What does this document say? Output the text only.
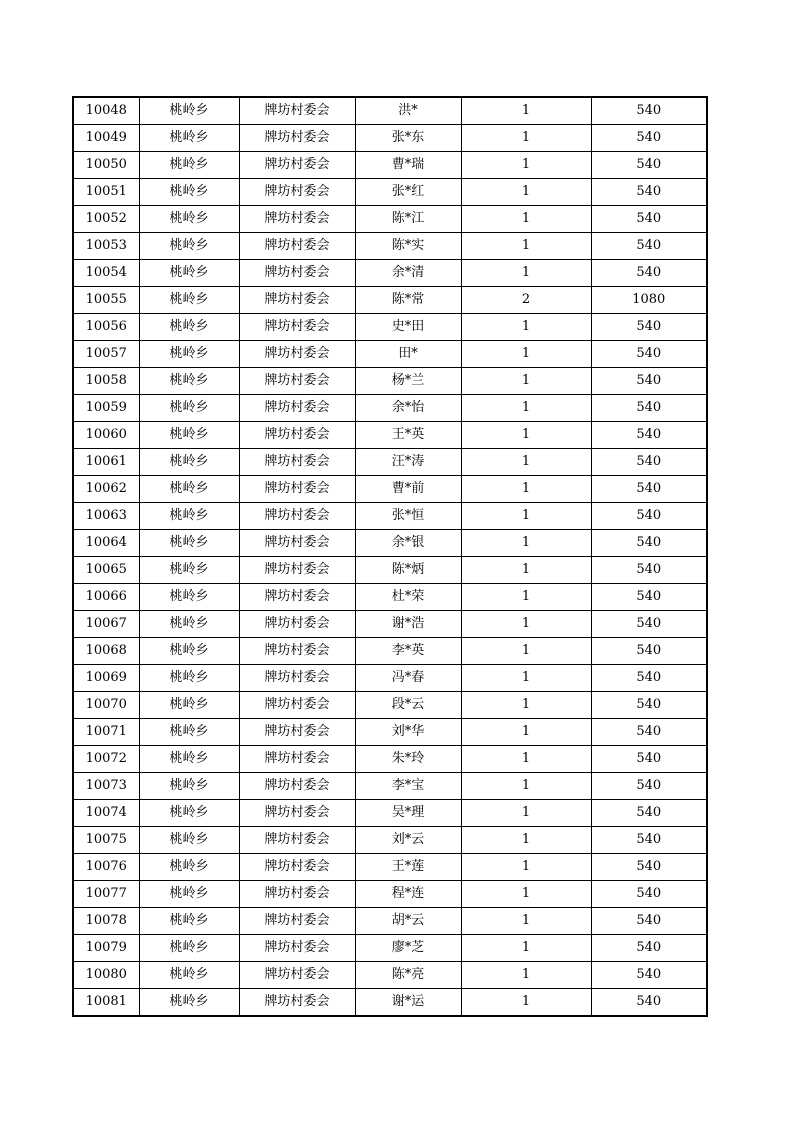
10048	桃岭乡	牌坊村委会	洪*	1	540
10049	桃岭乡	牌坊村委会	张*东	1	540
10050	桃岭乡	牌坊村委会	曹*瑞	1	540
10051	桃岭乡	牌坊村委会	张*红	1	540
10052	桃岭乡	牌坊村委会	陈*江	1	540
10053	桃岭乡	牌坊村委会	陈*实	1	540
10054	桃岭乡	牌坊村委会	余*清	1	540
10055	桃岭乡	牌坊村委会	陈*常	2	1080
10056	桃岭乡	牌坊村委会	史*田	1	540
10057	桃岭乡	牌坊村委会	田*	1	540
10058	桃岭乡	牌坊村委会	杨*兰	1	540
10059	桃岭乡	牌坊村委会	余*怡	1	540
10060	桃岭乡	牌坊村委会	王*英	1	540
10061	桃岭乡	牌坊村委会	汪*涛	1	540
10062	桃岭乡	牌坊村委会	曹*前	1	540
10063	桃岭乡	牌坊村委会	张*恒	1	540
10064	桃岭乡	牌坊村委会	余*银	1	540
10065	桃岭乡	牌坊村委会	陈*炳	1	540
10066	桃岭乡	牌坊村委会	杜*荣	1	540
10067	桃岭乡	牌坊村委会	谢*浩	1	540
10068	桃岭乡	牌坊村委会	李*英	1	540
10069	桃岭乡	牌坊村委会	冯*春	1	540
10070	桃岭乡	牌坊村委会	段*云	1	540
10071	桃岭乡	牌坊村委会	刘*华	1	540
10072	桃岭乡	牌坊村委会	朱*玲	1	540
10073	桃岭乡	牌坊村委会	李*宝	1	540
10074	桃岭乡	牌坊村委会	吴*理	1	540
10075	桃岭乡	牌坊村委会	刘*云	1	540
10076	桃岭乡	牌坊村委会	王*莲	1	540
10077	桃岭乡	牌坊村委会	程*连	1	540
10078	桃岭乡	牌坊村委会	胡*云	1	540
10079	桃岭乡	牌坊村委会	廖*芝	1	540
10080	桃岭乡	牌坊村委会	陈*亮	1	540
10081	桃岭乡	牌坊村委会	谢*运	1	540
